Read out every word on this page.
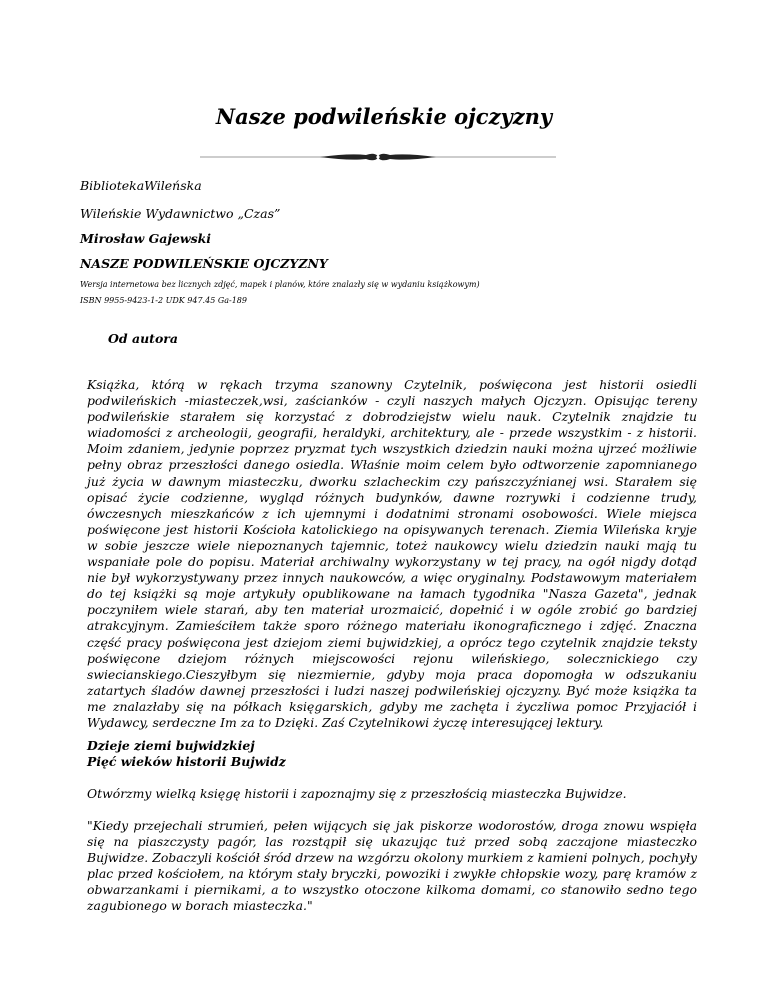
Nasze podwileńskie ojczyzny

BibliotekaWileńska

Wileńskie Wydawnictwo „Czas”

Mirosław Gajewski

NASZE PODWILEŃSKIE OJCZYZNY

Wersja internetowa bez licznych zdjęć, mapek i planów, które znalazły się w wydaniu książkowym)

ISBN 9955-9423-1-2 UDK 947.45 Ga-189

Od autora

Książka, którą w rękach trzyma szanowny Czytelnik, poświęcona jest historii osiedli podwileńskich -miasteczek,wsi, zaścianków - czyli naszych małych Ojczyzn. Opisując tereny podwileńskie starałem się korzystać z dobrodziejstw wielu nauk. Czytelnik znajdzie tu wiadomości z archeologii, geografii, heraldyki, architektury, ale - przede wszystkim - z historii. Moim zdaniem, jedynie poprzez pryzmat tych wszystkich dziedzin nauki można ujrzeć możliwie pełny obraz przeszłości danego osiedla. Właśnie moim celem było odtworzenie zapomnianego już życia w dawnym miasteczku, dworku szlacheckim czy pańszczyźnianej wsi. Starałem się opisać życie codzienne, wygląd różnych budynków, dawne rozrywki i codzienne trudy, ówczesnych mieszkańców z ich ujemnymi i dodatnimi stronami osobowości. Wiele miejsca poświęcone jest historii Kościoła katolickiego na opisywanych terenach. Ziemia Wileńska kryje w sobie jeszcze wiele niepoznanych tajemnic, toteż naukowcy wielu dziedzin nauki mają tu wspaniałe pole do popisu. Materiał archiwalny wykorzystany w tej pracy, na ogół nigdy dotąd nie był wykorzystywany przez innych naukowców, a więc oryginalny. Podstawowym materiałem do tej książki są moje artykuły opublikowane na łamach tygodnika "Nasza Gazeta", jednak poczyniłem wiele starań, aby ten materiał urozmaicić, dopełnić i w ogóle zrobić go bardziej atrakcyjnym. Zamieściłem także sporo różnego materiału ikonograficznego i zdjęć. Znaczna część pracy poświęcona jest dziejom ziemi bujwidzkiej, a oprócz tego czytelnik znajdzie teksty poświęcone dziejom różnych miejscowości rejonu wileńskiego, solecznickiego czy swiecianskiego.Cieszyłbym się niezmiernie, gdyby moja praca dopomogła w odszukaniu zatartych śladów dawnej przeszłości i ludzi naszej podwileńskiej ojczyzny. Być może książka ta me znalazłaby się na półkach księgarskich, gdyby me zachęta i życzliwa pomoc Przyjaciół i Wydawcy, serdeczne Im za to Dzięki. Zaś Czytelnikowi życzę interesującej lektury.

Dzieje ziemi bujwidzkiej
Pięć wieków historii Bujwidz

Otwórzmy wielką księgę historii i zapoznajmy się z przeszłością miasteczka Bujwidze.

"Kiedy przejechali strumień, pełen wijących się jak piskorze wodorostów, droga znowu wspięła się na piaszczysty pagór, las rozstąpił się ukazując tuż przed sobą zaczajone miasteczko Bujwidze. Zobaczyli kościół śród drzew na wzgórzu okolony murkiem z kamieni polnych, pochyły plac przed kościołem, na którym stały bryczki, powoziki i zwykłe chłopskie wozy, parę kramów z obwarzankami i piernikami, a to wszystko otoczone kilkoma domami, co stanowiło sedno tego zagubionego w borach miasteczka."
